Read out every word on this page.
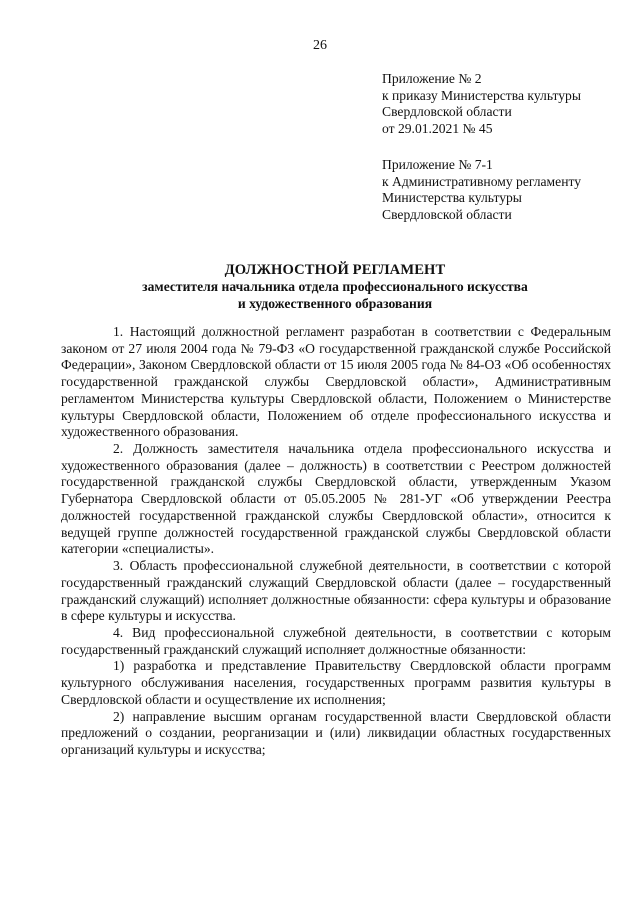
26
Приложение № 2
к приказу Министерства культуры
Свердловской области
от 29.01.2021 № 45
Приложение № 7-1
к Административному регламенту
Министерства культуры
Свердловской области
ДОЛЖНОСТНОЙ РЕГЛАМЕНТ
заместителя начальника отдела профессионального искусства
и художественного образования

1. Настоящий должностной регламент разработан в соответствии с Федеральным законом от 27 июля 2004 года № 79-ФЗ «О государственной гражданской службе Российской Федерации», Законом Свердловской области от 15 июля 2005 года № 84-ОЗ «Об особенностях государственной гражданской службы Свердловской области», Административным регламентом Министерства культуры Свердловской области, Положением о Министерстве культуры Свердловской области, Положением об отделе профессионального искусства и художественного образования.

2. Должность заместителя начальника отдела профессионального искусства и художественного образования (далее – должность) в соответствии с Реестром должностей государственной гражданской службы Свердловской области, утвержденным Указом Губернатора Свердловской области от 05.05.2005 № 281-УГ «Об утверждении Реестра должностей государственной гражданской службы Свердловской области», относится к ведущей группе должностей государственной гражданской службы Свердловской области категории «специалисты».

3. Область профессиональной служебной деятельности, в соответствии с которой государственный гражданский служащий Свердловской области (далее – государственный гражданский служащий) исполняет должностные обязанности: сфера культуры и образование в сфере культуры и искусства.

4. Вид профессиональной служебной деятельности, в соответствии с которым государственный гражданский служащий исполняет должностные обязанности:

1) разработка и представление Правительству Свердловской области программ культурного обслуживания населения, государственных программ развития культуры в Свердловской области и осуществление их исполнения;

2) направление высшим органам государственной власти Свердловской области предложений о создании, реорганизации и (или) ликвидации областных государственных организаций культуры и искусства;
